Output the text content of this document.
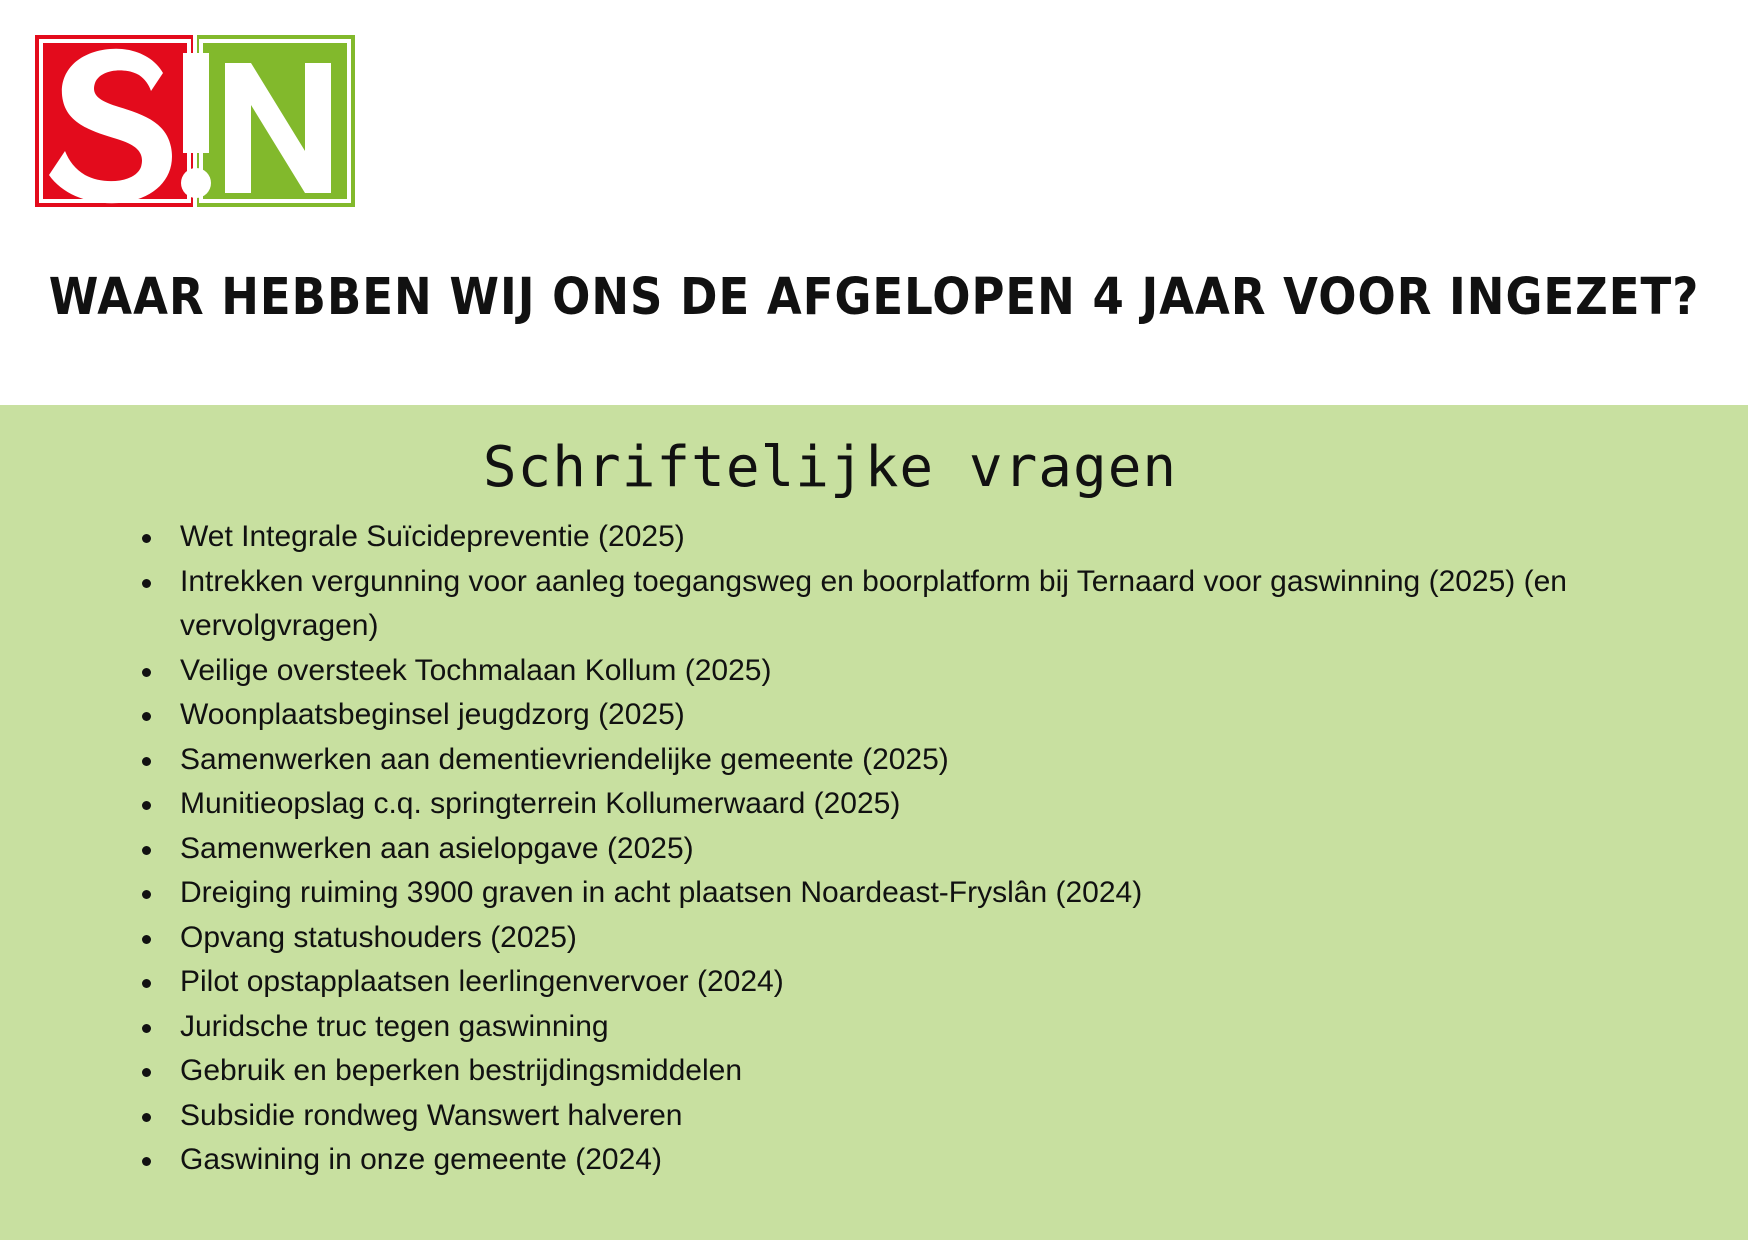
WAAR HEBBEN WIJ ONS DE AFGELOPEN 4 JAAR VOOR INGEZET?
Schriftelijke vragen
Wet Integrale Suïcidepreventie (2025)
Intrekken vergunning voor aanleg toegangsweg en boorplatform bij Ternaard voor gaswinning (2025) (en vervolgvragen)
Veilige oversteek Tochmalaan Kollum (2025)
Woonplaatsbeginsel jeugdzorg (2025)
Samenwerken aan dementievriendelijke gemeente (2025)
Munitieopslag c.q. springterrein Kollumerwaard (2025)
Samenwerken aan asielopgave (2025)
Dreiging ruiming 3900 graven in acht plaatsen Noardeast-Fryslân (2024)
Opvang statushouders (2025)
Pilot opstapplaatsen leerlingenvervoer (2024)
Juridsche truc tegen gaswinning
Gebruik en beperken bestrijdingsmiddelen
Subsidie rondweg Wanswert halveren
Gaswining in onze gemeente (2024)
